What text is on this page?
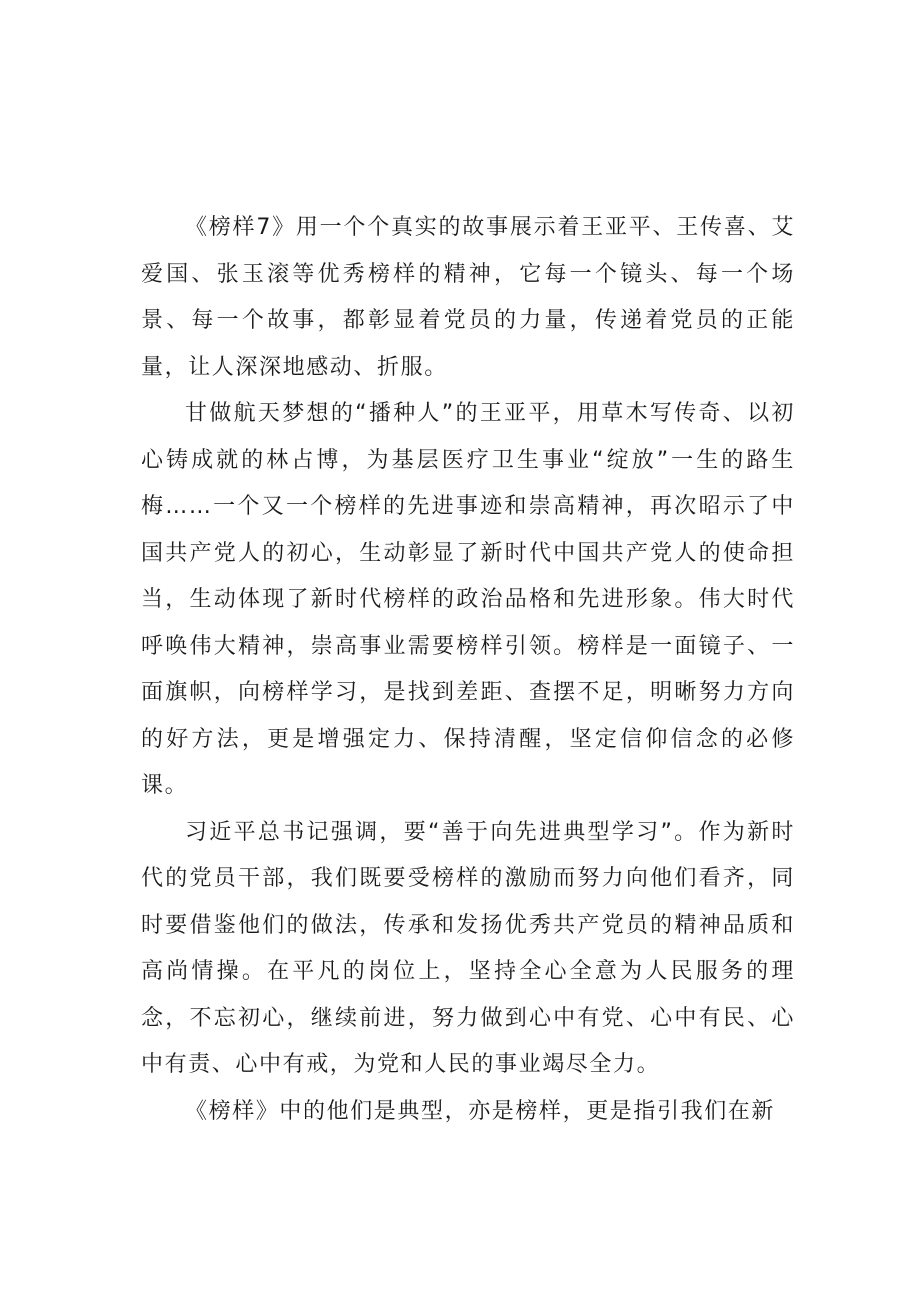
《榜样7》用一个个真实的故事展示着王亚平、王传喜、艾爱国、张玉滚等优秀榜样的精神，它每一个镜头、每一个场景、每一个故事，都彰显着党员的力量，传递着党员的正能量，让人深深地感动、折服。

甘做航天梦想的“播种人”的王亚平，用草木写传奇、以初心铸成就的林占博，为基层医疗卫生事业“绽放”一生的路生梅……一个又一个榜样的先进事迹和崇高精神，再次昭示了中国共产党人的初心，生动彰显了新时代中国共产党人的使命担当，生动体现了新时代榜样的政治品格和先进形象。伟大时代呼唤伟大精神，崇高事业需要榜样引领。榜样是一面镜子、一面旗帜，向榜样学习，是找到差距、查摆不足，明晰努力方向的好方法，更是增强定力、保持清醒，坚定信仰信念的必修课。

习近平总书记强调，要“善于向先进典型学习”。作为新时代的党员干部，我们既要受榜样的激励而努力向他们看齐，同时要借鉴他们的做法，传承和发扬优秀共产党员的精神品质和高尚情操。在平凡的岗位上，坚持全心全意为人民服务的理念，不忘初心，继续前进，努力做到心中有党、心中有民、心中有责、心中有戒，为党和人民的事业竭尽全力。

《榜样》中的他们是典型，亦是榜样，更是指引我们在新
